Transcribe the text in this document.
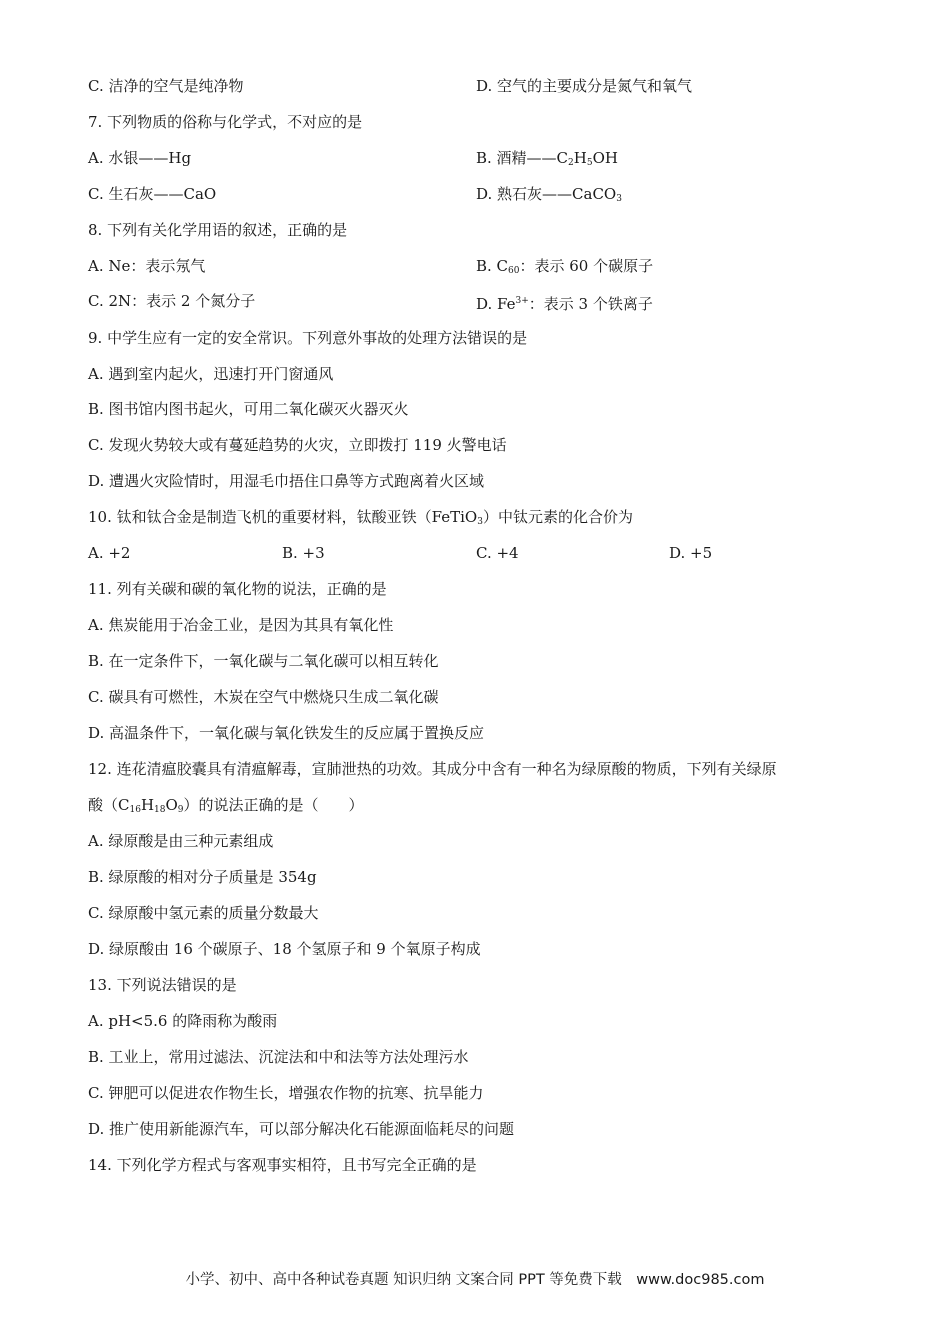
C. 洁净的空气是纯净物	D. 空气的主要成分是氮气和氧气
7. 下列物质的俗称与化学式，不对应的是
A. 水银——Hg	B. 酒精$——C_2H_5OH$
C. 生石灰——CaO	D. 熟石灰——CaCO$_3$
8. 下列有关化学用语的叙述，正确的是
A. Ne：表示氖气	B. $C_{60}$：表示 60 个碳原子
C. 2N：表示 2 个氮分子	D. $Fe^{3+}$：表示 3 个铁离子
9. 中学生应有一定的安全常识。下列意外事故的处理方法错误的是
A. 遇到室内起火，迅速打开门窗通风
B. 图书馆内图书起火，可用二氧化碳灭火器灭火
C. 发现火势较大或有蔓延趋势的火灾，立即拨打 119 火警电话
D. 遭遇火灾险情时，用湿毛巾捂住口鼻等方式跑离着火区域
10. 钛和钛合金是制造飞机的重要材料，钛酸亚铁（FeTiO$_3$）中钛元素的化合价为
A. +2	B. +3	C. +4	D. +5
11. 列有关碳和碳的氧化物的说法，正确的是
A. 焦炭能用于冶金工业，是因为其具有氧化性
B. 在一定条件下，一氧化碳与二氧化碳可以相互转化
C. 碳具有可燃性，木炭在空气中燃烧只生成二氧化碳
D. 高温条件下，一氧化碳与氧化铁发生的反应属于置换反应
12. 连花清瘟胶囊具有清瘟解毒，宣肺泄热的功效。其成分中含有一种名为绿原酸的物质，下列有关绿原
酸$(C_{16}H_{18}O_9)$的说法正确的是（　　）
A. 绿原酸是由三种元素组成
B. 绿原酸的相对分子质量是 354g
C. 绿原酸中氢元素的质量分数最大
D. 绿原酸由 16 个碳原子、18 个氢原子和 9 个氧原子构成
13. 下列说法错误的是
A. pH<5.6 的降雨称为酸雨
B. 工业上，常用过滤法、沉淀法和中和法等方法处理污水
C. 钾肥可以促进农作物生长，增强农作物的抗寒、抗旱能力
D. 推广使用新能源汽车，可以部分解决化石能源面临耗尽的问题
14. 下列化学方程式与客观事实相符，且书写完全正确的是
小学、初中、高中各种试卷真题 知识归纳 文案合同 PPT 等免费下载　www.doc985.com
